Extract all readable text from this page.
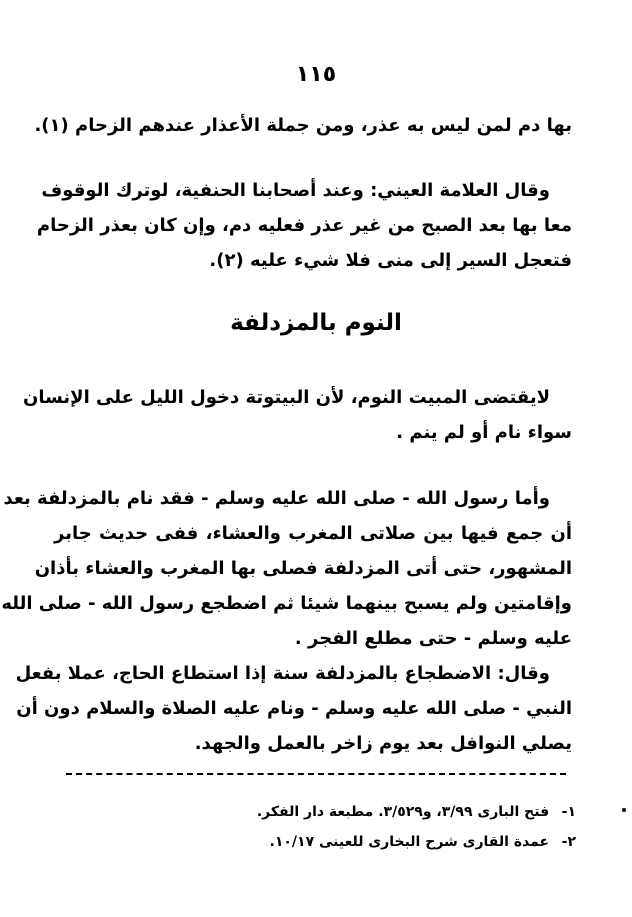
١١٥
بها دم لمن ليس به عذر، ومن جملة الأعذار عندهم الزحام (١).
وقال العلامة العيني: وعند أصحابنا الحنفية، لوترك الوقوف
معا بها بعد الصبح من غير عذر فعليه دم، وإن كان بعذر الزحام
فتعجل السير إلى منى فلا شيء عليه (٢).
النوم بالمزدلفة
لايقتضى المبيت النوم، لأن البيتوتة دخول الليل على الإنسان
سواء نام أو لم ينم .
وأما رسول الله - صلى الله عليه وسلم - فقد نام بالمزدلفة بعد
أن جمع فيها بين صلاتى المغرب والعشاء، ففى حديث جابر
المشهور، حتى أتى المزدلفة فصلى بها المغرب والعشاء بأذان
وإقامتين ولم يسبح بينهما شيئا ثم اضطجع رسول الله - صلى الله
عليه وسلم - حتى مطلع الفجر .
وقال: الاضطجاع بالمزدلفة سنة إذا استطاع الحاج، عملا بفعل
النبي - صلى الله عليه وسلم - ونام عليه الصلاة والسلام دون أن
يصلي النوافل بعد يوم زاخر بالعمل والجهد.
١- فتح البارى ٣/٩٩، و٣/٥٢٩. مطبعة دار الفكر.
٢- عمدة القارى شرح البخارى للعينى ١٠/١٧.
